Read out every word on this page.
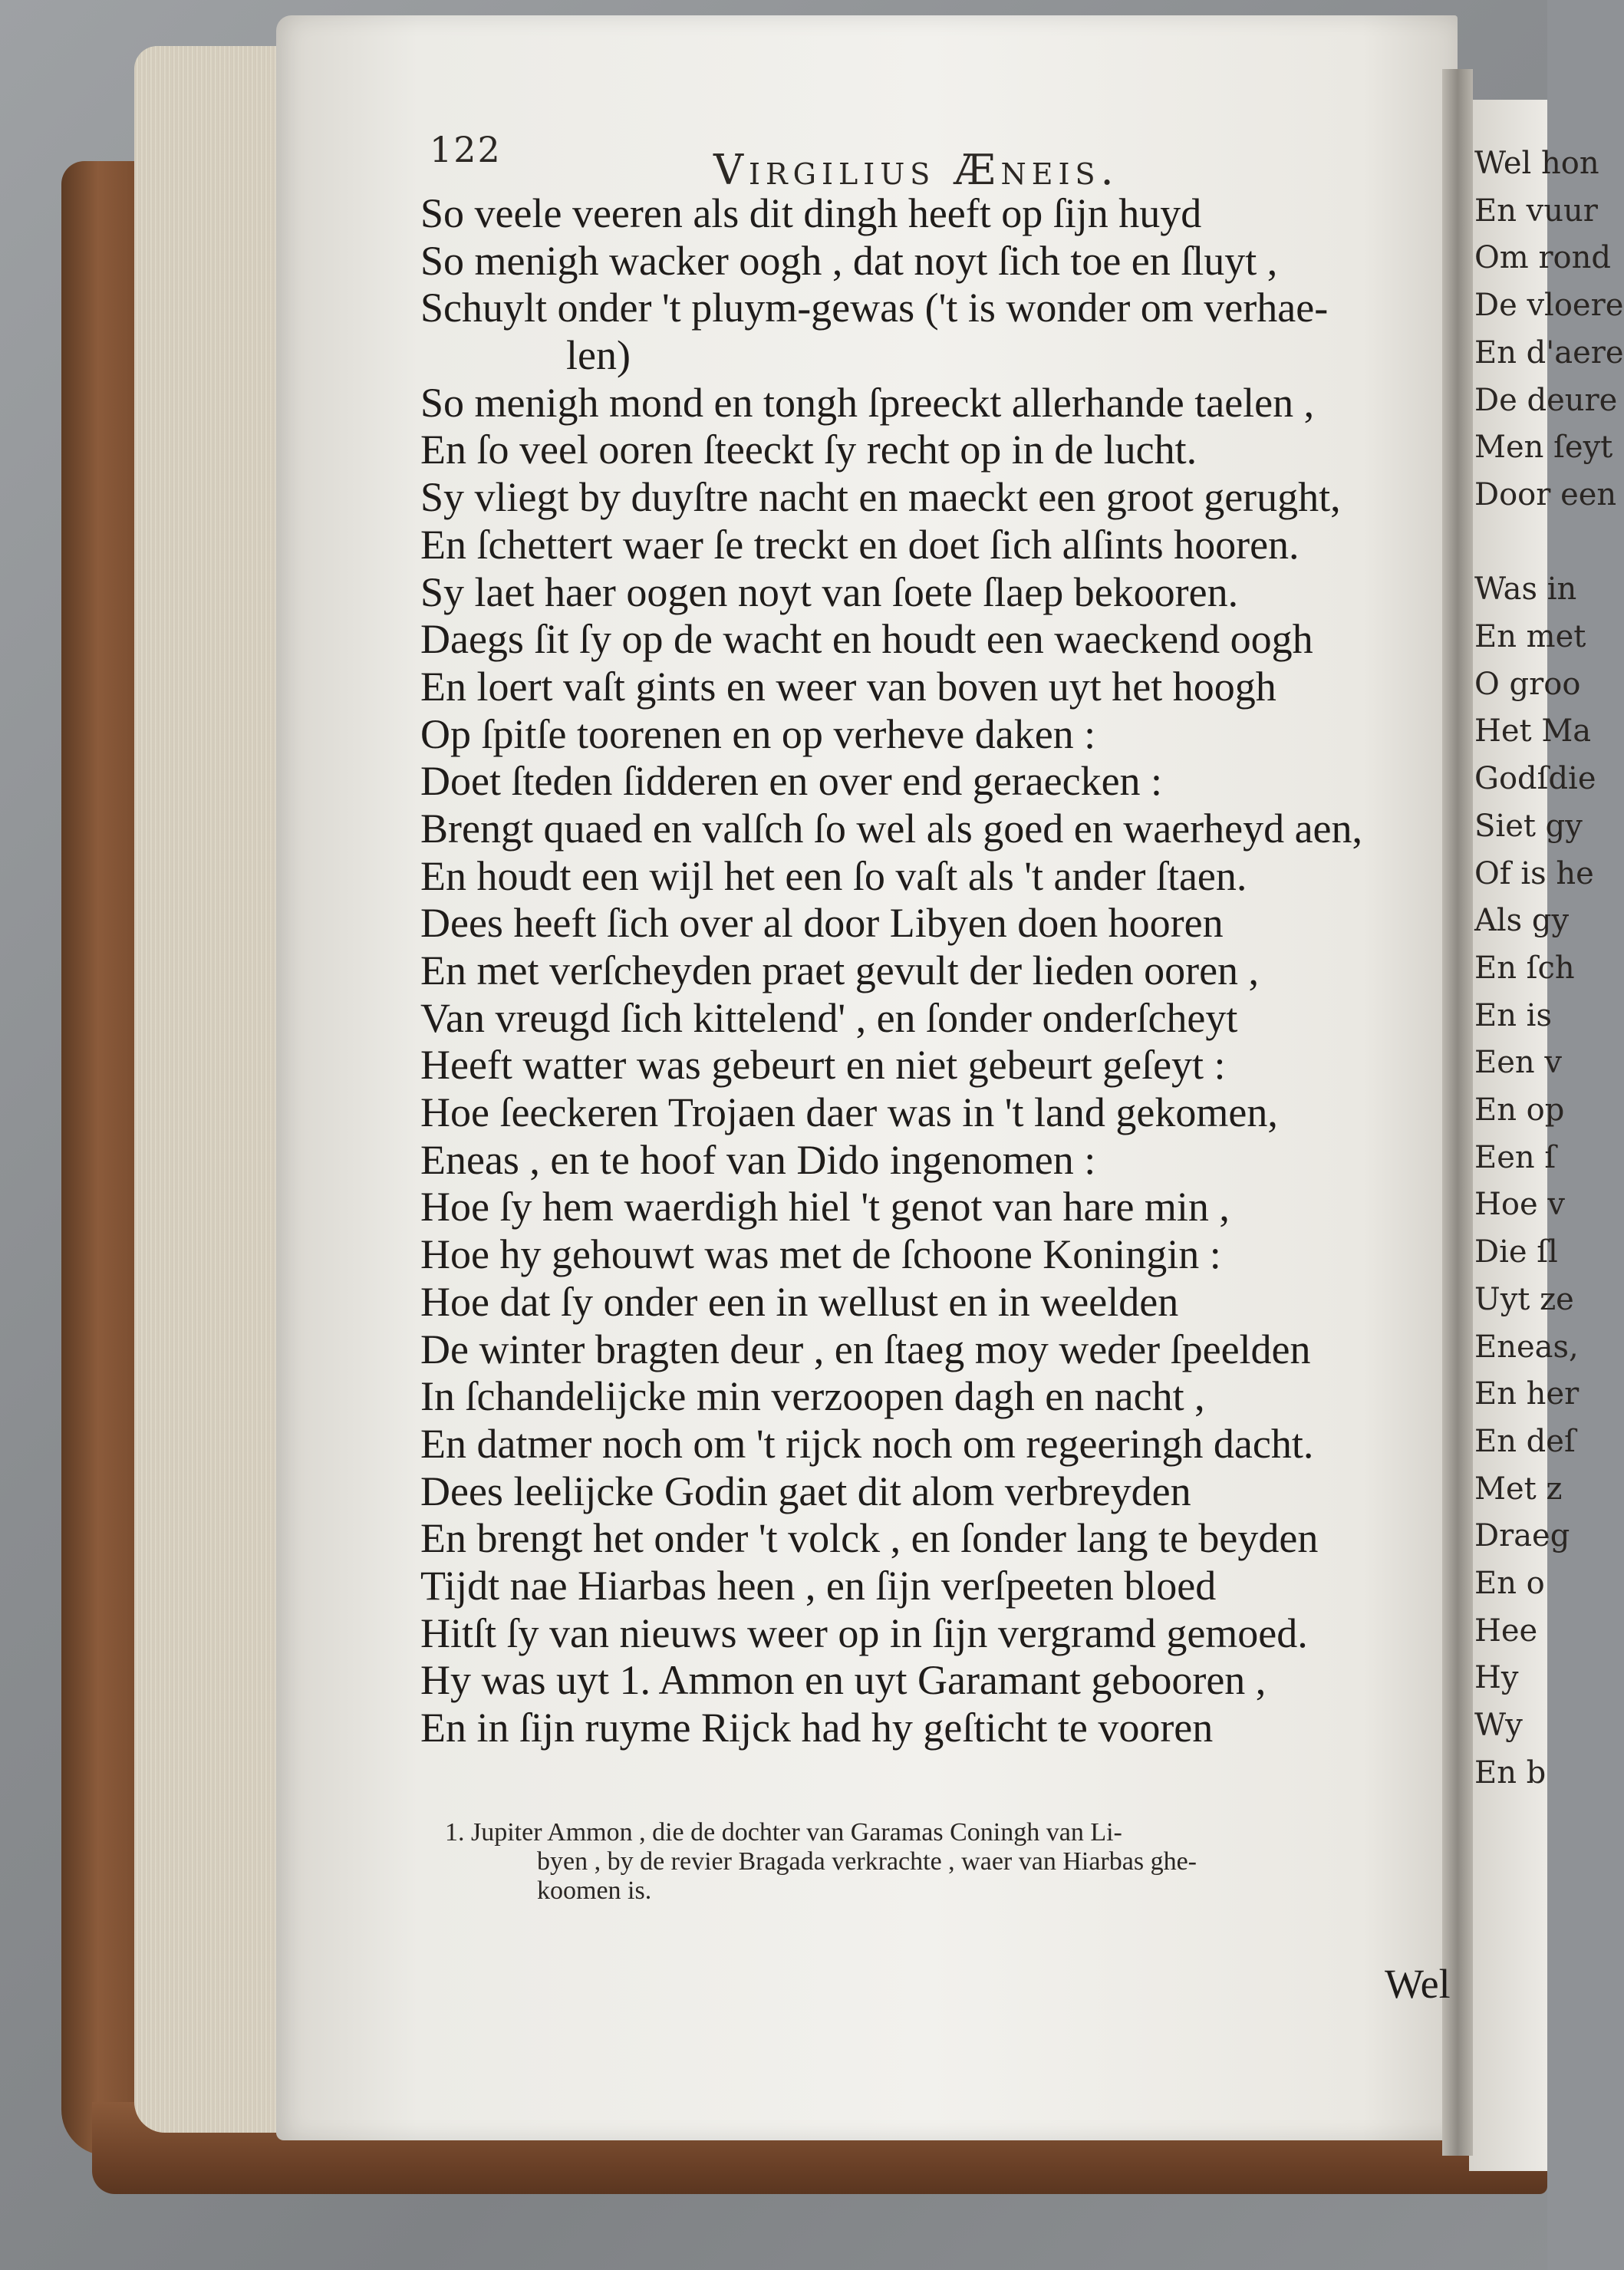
Wel hon
En vuur
Om rond
De vloere
En d'aere
De deure
Men ſeyt
Door een
Was in
En met
O groo
Het Ma
Godſdie
Siet gy
Of is he
Als gy
En ſch
En is
Een v
En op
Een ſ
Hoe v
Die ſl
Uyt ze
Eneas,
En her
En deſ
Met z
Draeg
En o
Hee
Hy
Wy
En b
122	Virgilius Æneis.
So veele veeren als dit dingh heeft op ſijn huyd
So menigh wacker oogh , dat noyt ſich toe en ſluyt ,
Schuylt onder 't pluym-gewas ('t is wonder om verhae-
len)
So menigh mond en tongh ſpreeckt allerhande taelen ,
En ſo veel ooren ſteeckt ſy recht op in de lucht.
Sy vliegt by duyſtre nacht en maeckt een groot gerught,
En ſchettert waer ſe treckt en doet ſich alſints hooren.
Sy laet haer oogen noyt van ſoete ſlaep bekooren.
Daegs ſit ſy op de wacht en houdt een waeckend oogh
En loert vaſt gints en weer van boven uyt het hoogh
Op ſpitſe toorenen en op verheve daken :
Doet ſteden ſidderen en over end geraecken :
Brengt quaed en valſch ſo wel als goed en waerheyd aen,
En houdt een wijl het een ſo vaſt als 't ander ſtaen.
Dees heeft ſich over al door Libyen doen hooren
En met verſcheyden praet gevult der lieden ooren ,
Van vreugd ſich kittelend' , en ſonder onderſcheyt
Heeft watter was gebeurt en niet gebeurt geſeyt :
Hoe ſeeckeren Trojaen daer was in 't land gekomen,
Eneas , en te hoof van Dido ingenomen :
Hoe ſy hem waerdigh hiel 't genot van hare min ,
Hoe hy gehouwt was met de ſchoone Koningin :
Hoe dat ſy onder een in wellust en in weelden
De winter bragten deur , en ſtaeg moy weder ſpeelden
In ſchandelijcke min verzoopen dagh en nacht ,
En datmer noch om 't rijck noch om regeeringh dacht.
Dees leelijcke Godin gaet dit alom verbreyden
En brengt het onder 't volck , en ſonder lang te beyden
Tijdt nae Hiarbas heen , en ſijn verſpeeten bloed
Hitſt ſy van nieuws weer op in ſijn vergramd gemoed.
Hy was uyt 1. Ammon en uyt Garamant gebooren ,
En in ſijn ruyme Rijck had hy geſticht te vooren
1. Jupiter Ammon , die de dochter van Garamas Coningh van Li-
byen , by de revier Bragada verkrachte , waer van Hiarbas ghe-
koomen is.
Wel
